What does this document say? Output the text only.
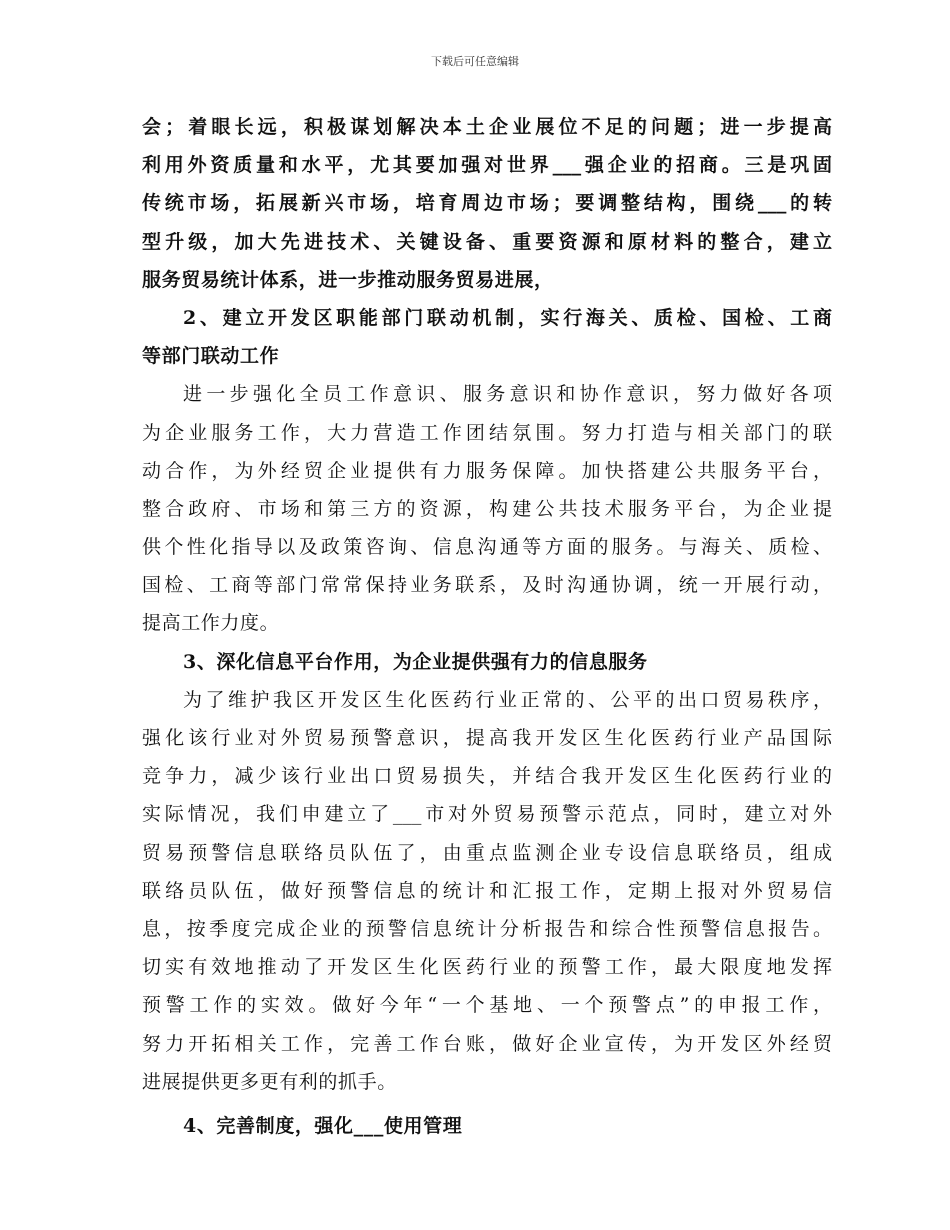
下载后可任意编辑
会；着眼长远，积极谋划解决本土企业展位不足的问题；进一步提高
利用外资质量和水平，尤其要加强对世界___强企业的招商。三是巩固
传统市场，拓展新兴市场，培育周边市场；要调整结构，围绕___的转
型升级，加大先进技术、关键设备、重要资源和原材料的整合，建立
服务贸易统计体系，进一步推动服务贸易进展，
2、建立开发区职能部门联动机制，实行海关、质检、国检、工商
等部门联动工作
进一步强化全员工作意识、服务意识和协作意识，努力做好各项
为企业服务工作，大力营造工作团结氛围。努力打造与相关部门的联
动合作，为外经贸企业提供有力服务保障。加快搭建公共服务平台，
整合政府、市场和第三方的资源，构建公共技术服务平台，为企业提
供个性化指导以及政策咨询、信息沟通等方面的服务。与海关、质检、
国检、工商等部门常常保持业务联系，及时沟通协调，统一开展行动，
提高工作力度。
3、深化信息平台作用，为企业提供强有力的信息服务
为了维护我区开发区生化医药行业正常的、公平的出口贸易秩序，
强化该行业对外贸易预警意识，提高我开发区生化医药行业产品国际
竞争力，减少该行业出口贸易损失，并结合我开发区生化医药行业的
实际情况，我们申建立了___市对外贸易预警示范点，同时，建立对外
贸易预警信息联络员队伍了，由重点监测企业专设信息联络员，组成
联络员队伍，做好预警信息的统计和汇报工作，定期上报对外贸易信
息，按季度完成企业的预警信息统计分析报告和综合性预警信息报告。
切实有效地推动了开发区生化医药行业的预警工作，最大限度地发挥
预警工作的实效。做好今年“一个基地、一个预警点”的申报工作，
努力开拓相关工作，完善工作台账，做好企业宣传，为开发区外经贸
进展提供更多更有利的抓手。
4、完善制度，强化___使用管理
